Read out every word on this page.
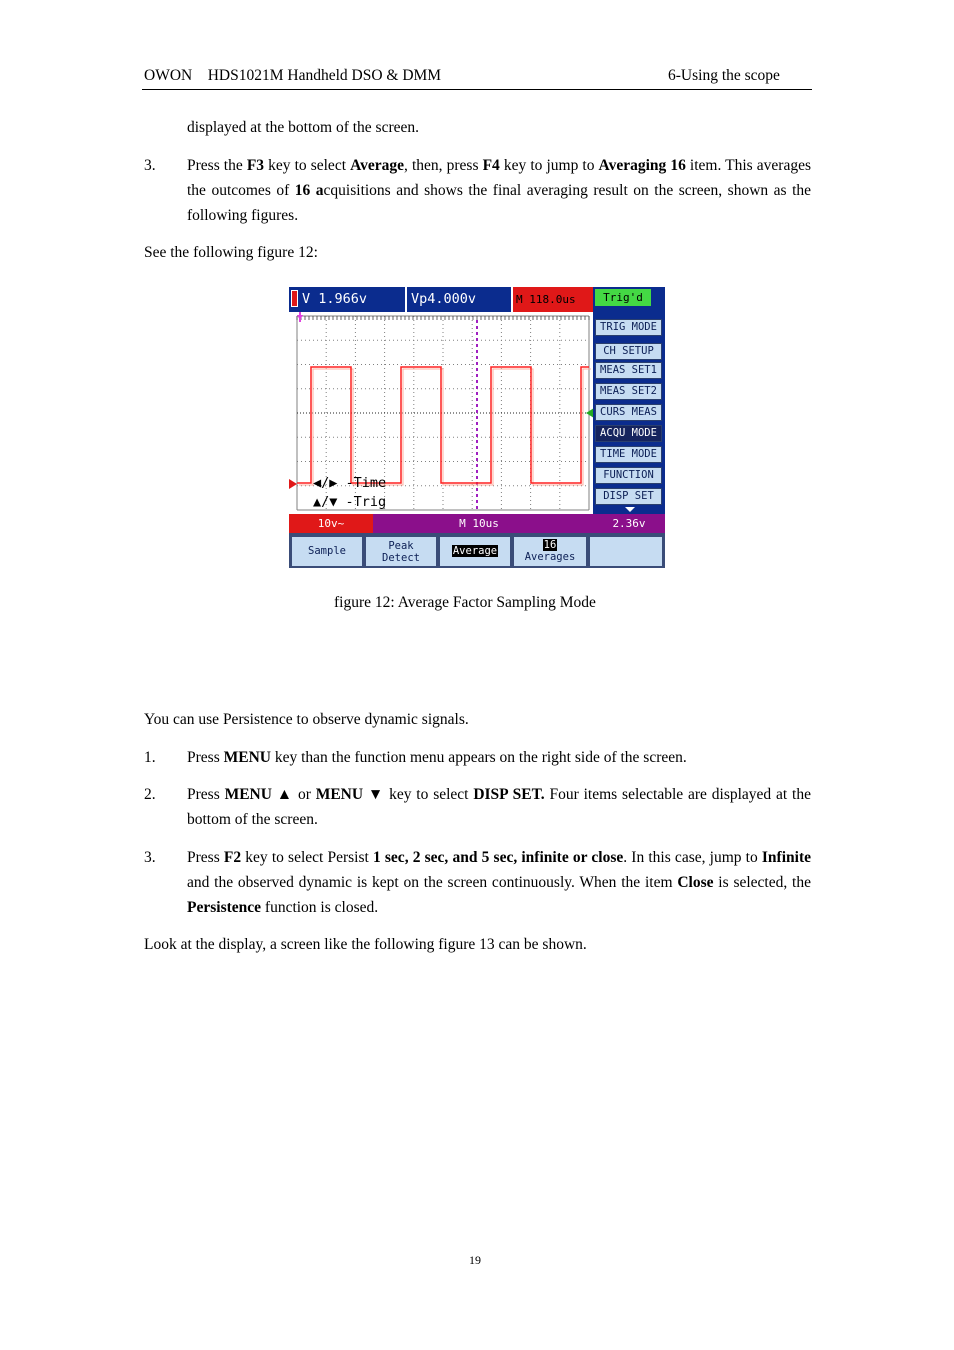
OWON    HDS1021M Handheld DSO & DMM	6-Using the scope
displayed at the bottom of the screen.
3. Press the F3 key to select Average, then, press F4 key to jump to Averaging 16 item. This averages the outcomes of 16 acquisitions and shows the final averaging result on the screen, shown as the following figures.
See the following figure 12:
V 1.966v	Vp4.000v	M 118.0us	Trig'd
◀/▶ -Time
▲/▼ -Trig
TRIG MODE
CH SETUP
MEAS SET1
MEAS SET2
CURS MEAS
ACQU MODE
TIME MODE
FUNCTION
DISP SET
10v~	M 10us	2.36v
Sample	Peak
Detect
Average	16
Averages
figure 12: Average Factor Sampling Mode
You can use Persistence to observe dynamic signals.
1. Press MENU key than the function menu appears on the right side of the screen.
2. Press MENU ▲ or MENU ▼ key to select DISP SET. Four items selectable are displayed at the bottom of the screen.
3. Press F2 key to select Persist 1 sec, 2 sec, and 5 sec, infinite or close. In this case, jump to Infinite and the observed dynamic is kept on the screen continuously. When the item Close is selected, the Persistence function is closed.
Look at the display, a screen like the following figure 13 can be shown.
19
